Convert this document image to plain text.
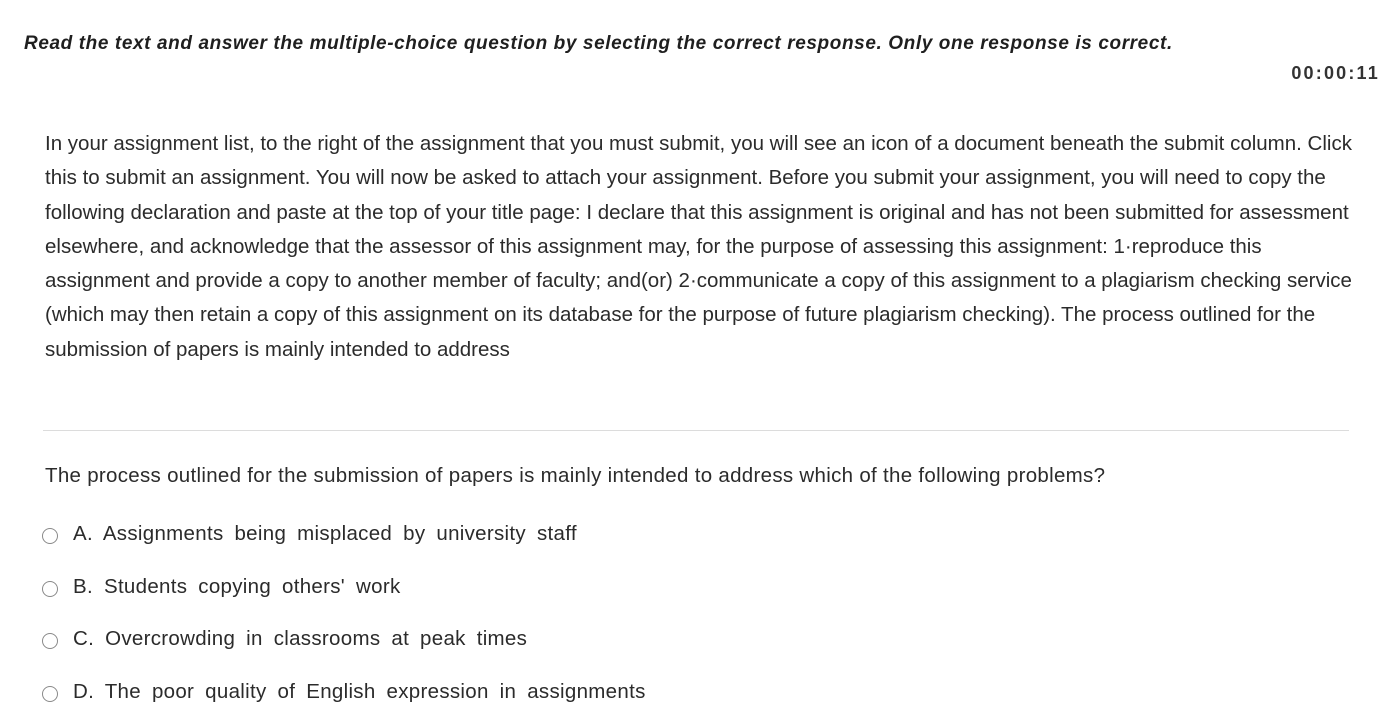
Read the text and answer the multiple-choice question by selecting the correct response. Only one response is correct.
00:00:11
In your assignment list, to the right of the assignment that you must submit, you will see an icon of a document beneath the submit column. Click this to submit an assignment. You will now be asked to attach your assignment. Before you submit your assignment, you will need to copy the following declaration and paste at the top of your title page: I declare that this assignment is original and has not been submitted for assessment elsewhere, and acknowledge that the assessor of this assignment may, for the purpose of assessing this assignment: 1·reproduce this assignment and provide a copy to another member of faculty; and(or) 2·communicate a copy of this assignment to a plagiarism checking service (which may then retain a copy of this assignment on its database for the purpose of future plagiarism checking). The process outlined for the submission of papers is mainly intended to address
The process outlined for the submission of papers is mainly intended to address which of the following problems?
A. Assignments being misplaced by university staff
B. Students copying others' work
C. Overcrowding in classrooms at peak times
D. The poor quality of English expression in assignments
